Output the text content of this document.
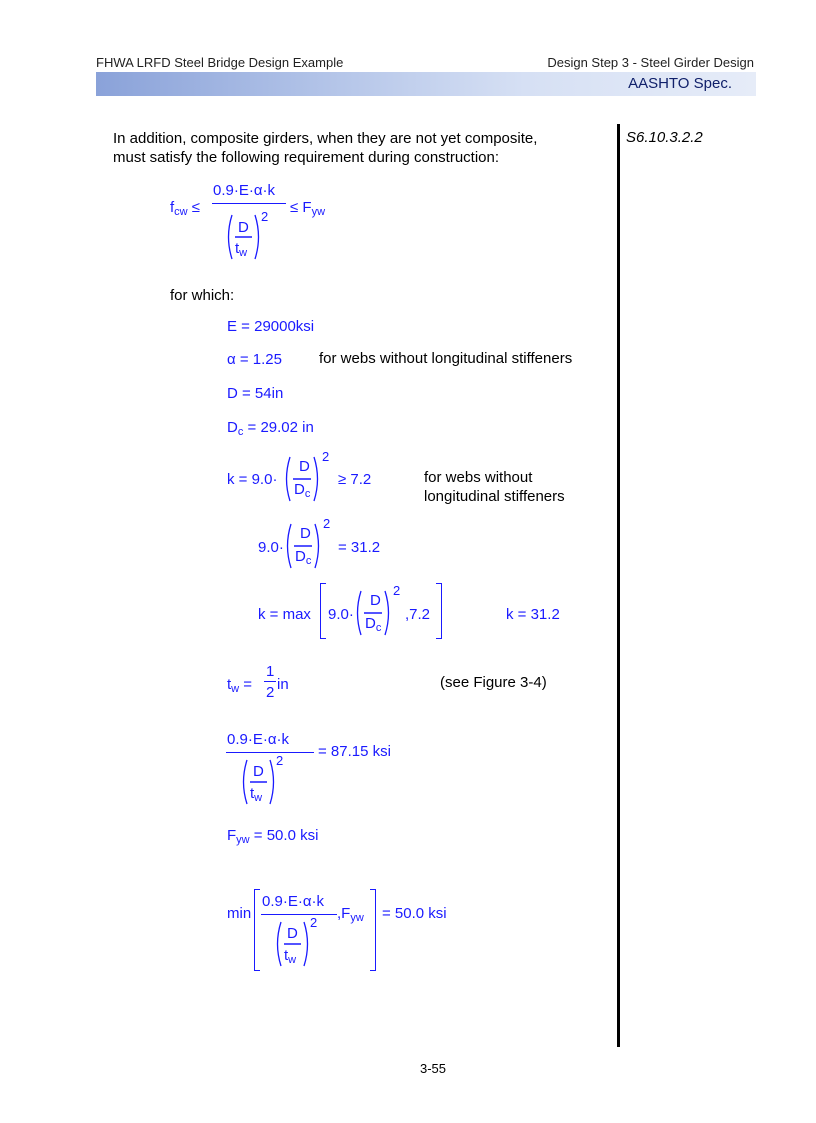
FHWA LRFD Steel Bridge Design Example	Design Step 3 - Steel Girder Design
AASHTO Spec.
S6.10.3.2.2
In addition, composite girders, when they are not yet composite,
must satisfy the following requirement during construction:
$f_{cw}$ ≤
0.9·E·α·k
D
$t_w$
2
≤ $F_{yw}$
for which:
E = 29000ksi
α = 1.25 for webs without longitudinal stiffeners
D = 54in
$D_c = 29.02$ in
k = 9.0·
D
$D_c$
2
≥ 7.2	for webs without
longitudinal stiffeners
9.0·
D
$D_c$
2
= 31.2
k = max 9.0·
D
$D_c$
2
,7.2	k = 31.2
$t_w$ =
1
2 in	(see Figure 3-4)
0.9·E·α·k
D
$t_w$
2
= 87.15 ksi
$F_{yw} = 50.0$ ksi
min
0.9·E·α·k
D
$t_w$
2
$,F_{yw} = 50.0$ ksi
3-55
